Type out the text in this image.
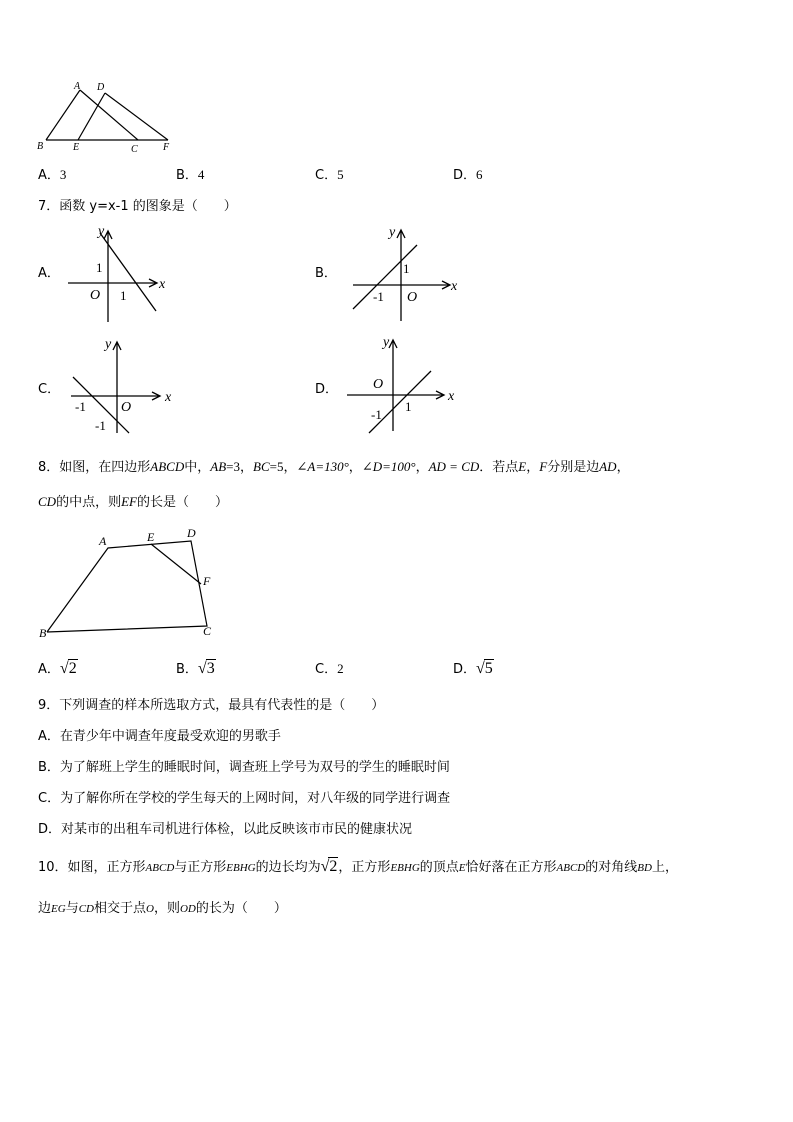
A D
B	E	C	F
A．3	B．4	C．5	D．6
7．函数 y=x-1 的图象是（　　）
A．
y
x
O 1
1	B．
y
x
O
-1
1
C．
y
x
O
-1
-1
D．
y
x
O
1
-1
8．如图，在四边形ABCD中，AB=3，BC=5，∠A=130°，∠D=100°，AD = CD．若点E，F分别是边AD，
CD的中点，则EF的长是（　　）
A	E	D
F
B	C
A．√2	B．√3	C．2	D．√5
9．下列调查的样本所选取方式，最具有代表性的是（　　）
A．在青少年中调查年度最受欢迎的男歌手
B．为了解班上学生的睡眠时间，调查班上学号为双号的学生的睡眠时间
C．为了解你所在学校的学生每天的上网时间，对八年级的同学进行调查
D．对某市的出租车司机进行体检，以此反映该市市民的健康状况
10．如图，正方形ABCD与正方形EBHG的边长均为√2，正方形EBHG的顶点E恰好落在正方形ABCD的对角线BD上，
边EG与CD相交于点O，则OD的长为（　　）
